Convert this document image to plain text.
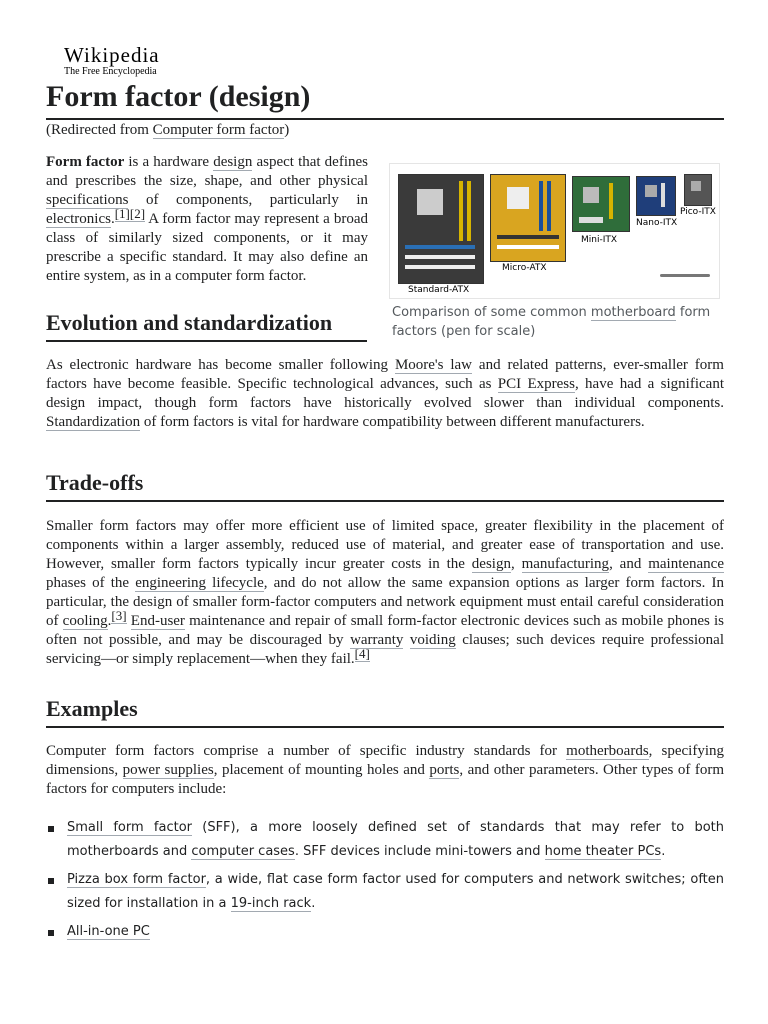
Wikipedia
The Free Encyclopedia
Form factor (design)
(Redirected from Computer form factor)

Form factor is a hardware design aspect that defines and prescribes the size, shape, and other physical specifications of components, particularly in electronics.[1][2] A form factor may represent a broad class of similarly sized components, or it may prescribe a specific standard. It may also define an entire system, as in a computer form factor.

Standard-ATX
Micro-ATX
Mini-ITX
Nano-ITX
Pico-ITX
Comparison of some common motherboard form factors (pen for scale)
Evolution and standardization

As electronic hardware has become smaller following Moore's law and related patterns, ever-smaller form factors have become feasible. Specific technological advances, such as PCI Express, have had a significant design impact, though form factors have historically evolved slower than individual components. Standardization of form factors is vital for hardware compatibility between different manufacturers.

Trade-offs

Smaller form factors may offer more efficient use of limited space, greater flexibility in the placement of components within a larger assembly, reduced use of material, and greater ease of transportation and use. However, smaller form factors typically incur greater costs in the design, manufacturing, and maintenance phases of the engineering lifecycle, and do not allow the same expansion options as larger form factors. In particular, the design of smaller form-factor computers and network equipment must entail careful consideration of cooling.[3] End-user maintenance and repair of small form-factor electronic devices such as mobile phones is often not possible, and may be discouraged by warranty voiding clauses; such devices require professional servicing—or simply replacement—when they fail.[4]

Examples

Computer form factors comprise a number of specific industry standards for motherboards, specifying dimensions, power supplies, placement of mounting holes and ports, and other parameters. Other types of form factors for computers include:

Small form factor (SFF), a more loosely defined set of standards that may refer to both motherboards and computer cases. SFF devices include mini-towers and home theater PCs.
Pizza box form factor, a wide, flat case form factor used for computers and network switches; often sized for installation in a 19-inch rack.
All-in-one PC
